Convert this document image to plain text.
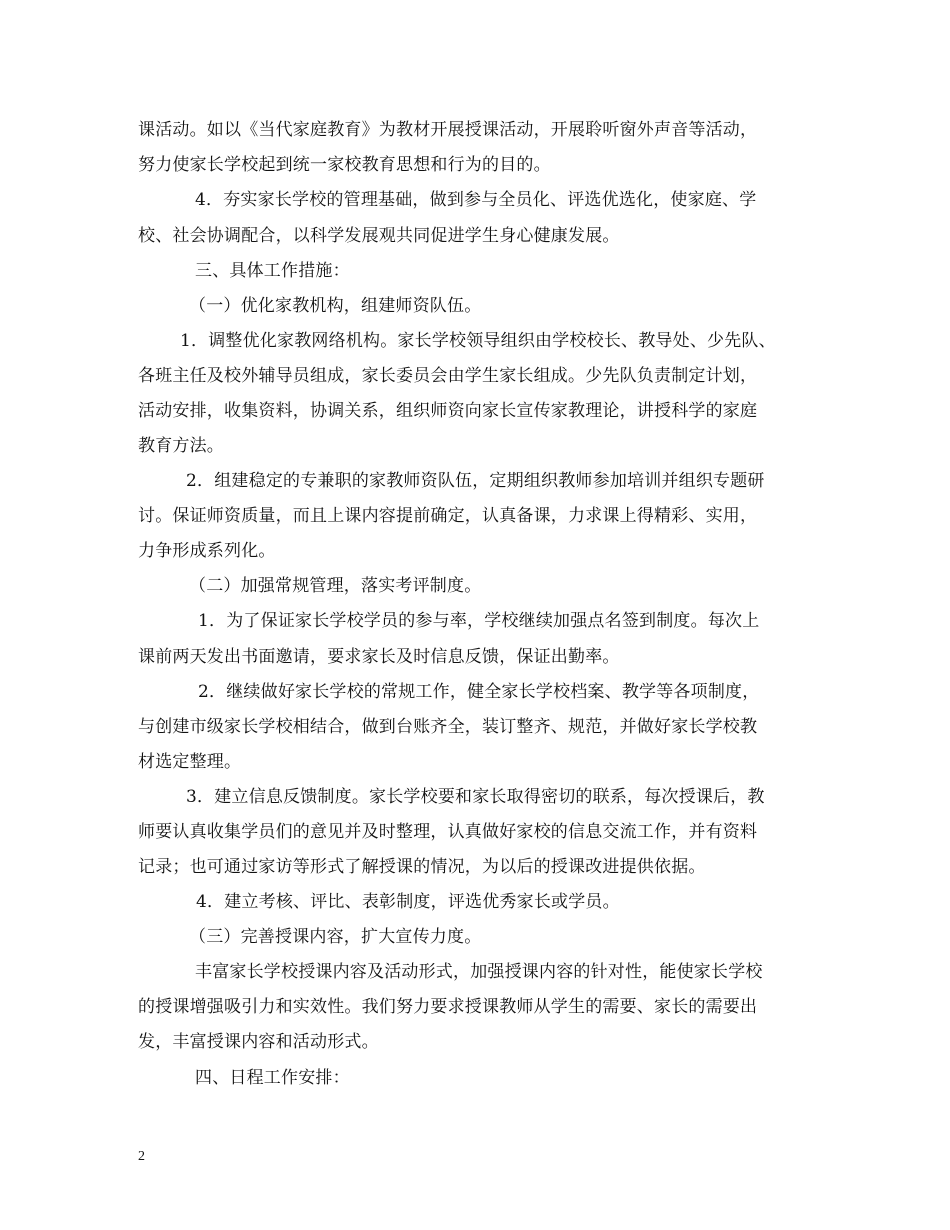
课活动。如以《当代家庭教育》为教材开展授课活动，开展聆听窗外声音等活动，
努力使家长学校起到统一家校教育思想和行为的目的。
4．夯实家长学校的管理基础，做到参与全员化、评选优选化，使家庭、学
校、社会协调配合，以科学发展观共同促进学生身心健康发展。
三、具体工作措施：
（一）优化家教机构，组建师资队伍。
1．调整优化家教网络机构。家长学校领导组织由学校校长、教导处、少先队、
各班主任及校外辅导员组成，家长委员会由学生家长组成。少先队负责制定计划，
活动安排，收集资料，协调关系，组织师资向家长宣传家教理论，讲授科学的家庭
教育方法。
2．组建稳定的专兼职的家教师资队伍，定期组织教师参加培训并组织专题研
讨。保证师资质量，而且上课内容提前确定，认真备课，力求课上得精彩、实用，
力争形成系列化。
（二）加强常规管理，落实考评制度。
1．为了保证家长学校学员的参与率，学校继续加强点名签到制度。每次上
课前两天发出书面邀请，要求家长及时信息反馈，保证出勤率。
2．继续做好家长学校的常规工作，健全家长学校档案、教学等各项制度，
与创建市级家长学校相结合，做到台账齐全，装订整齐、规范，并做好家长学校教
材选定整理。
3．建立信息反馈制度。家长学校要和家长取得密切的联系，每次授课后，教
师要认真收集学员们的意见并及时整理，认真做好家校的信息交流工作，并有资料
记录；也可通过家访等形式了解授课的情况，为以后的授课改进提供依据。
4．建立考核、评比、表彰制度，评选优秀家长或学员。
（三）完善授课内容，扩大宣传力度。
丰富家长学校授课内容及活动形式，加强授课内容的针对性，能使家长学校
的授课增强吸引力和实效性。我们努力要求授课教师从学生的需要、家长的需要出
发，丰富授课内容和活动形式。
四、日程工作安排：
2
